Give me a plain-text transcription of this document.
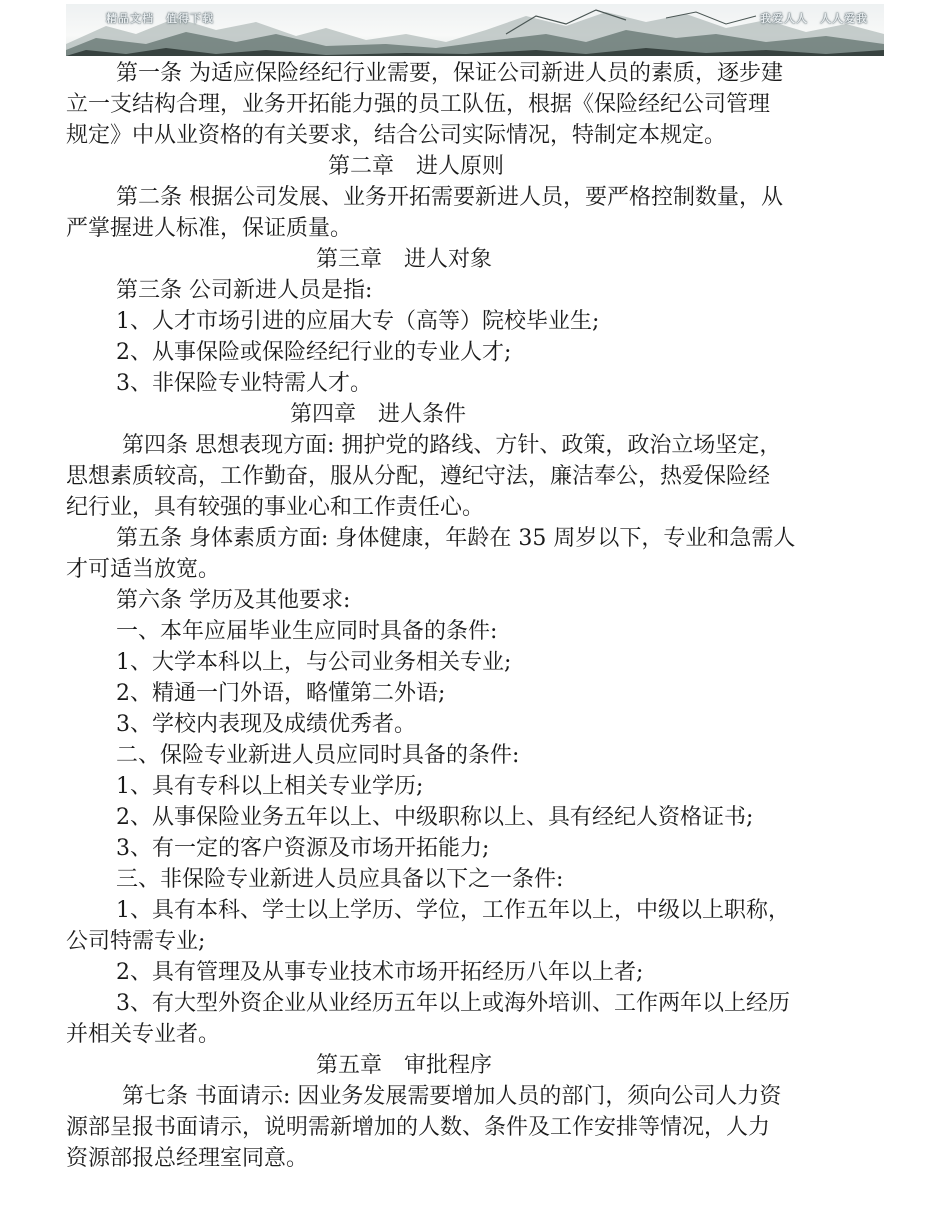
精品文档　值得下载	我爱人人　人人爱我
第一条 为适应保险经纪行业需要，保证公司新进人员的素质，逐步建
立一支结构合理，业务开拓能力强的员工队伍，根据《保险经纪公司管理
规定》中从业资格的有关要求，结合公司实际情况，特制定本规定。
第二章　进人原则
第二条 根据公司发展、业务开拓需要新进人员，要严格控制数量，从
严掌握进人标准，保证质量。
第三章　进人对象
第三条 公司新进人员是指:
1、人才市场引进的应届大专（高等）院校毕业生;
2、从事保险或保险经纪行业的专业人才;
3、非保险专业特需人才。
第四章　进人条件
第四条 思想表现方面: 拥护党的路线、方针、政策，政治立场坚定，
思想素质较高，工作勤奋，服从分配，遵纪守法，廉洁奉公，热爱保险经
纪行业，具有较强的事业心和工作责任心。
第五条 身体素质方面: 身体健康，年龄在 35 周岁以下，专业和急需人
才可适当放宽。
第六条 学历及其他要求:
一、本年应届毕业生应同时具备的条件:
1、大学本科以上，与公司业务相关专业;
2、精通一门外语，略懂第二外语;
3、学校内表现及成绩优秀者。
二、保险专业新进人员应同时具备的条件:
1、具有专科以上相关专业学历;
2、从事保险业务五年以上、中级职称以上、具有经纪人资格证书;
3、有一定的客户资源及市场开拓能力;
三、非保险专业新进人员应具备以下之一条件:
1、具有本科、学士以上学历、学位，工作五年以上，中级以上职称，
公司特需专业;
2、具有管理及从事专业技术市场开拓经历八年以上者;
3、有大型外资企业从业经历五年以上或海外培训、工作两年以上经历
并相关专业者。
第五章　审批程序
第七条 书面请示: 因业务发展需要增加人员的部门，须向公司人力资
源部呈报书面请示，说明需新增加的人数、条件及工作安排等情况，人力
资源部报总经理室同意。
